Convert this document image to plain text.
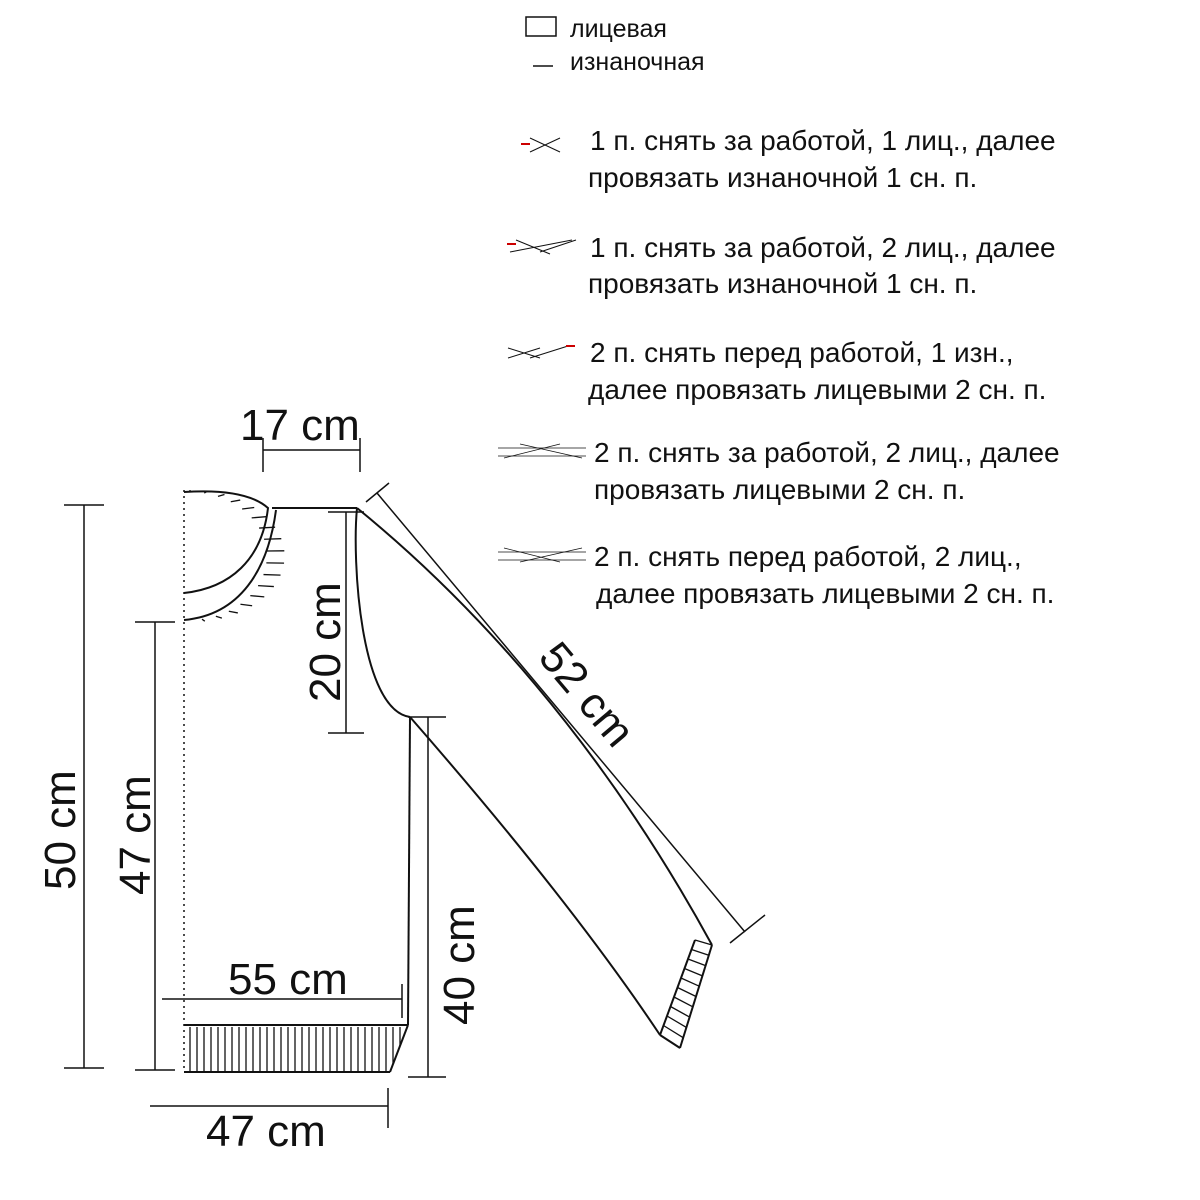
лицевая
изнаночная
1 п. снять за работой, 1 лиц., далее
провязать изнаночной 1 сн. п.
1 п. снять за работой, 2 лиц., далее
провязать изнаночной 1 сн. п.
2 п. снять перед работой, 1 изн.,
далее провязать лицевыми 2 сн. п.
2 п. снять за работой, 2 лиц., далее
провязать лицевыми 2 сн. п.
2 п. снять перед работой, 2 лиц.,
далее провязать лицевыми 2 сн. п.
17 cm
20 cm	52 cm
50 cm 47 cm
40 cm
55 cm
47 cm
